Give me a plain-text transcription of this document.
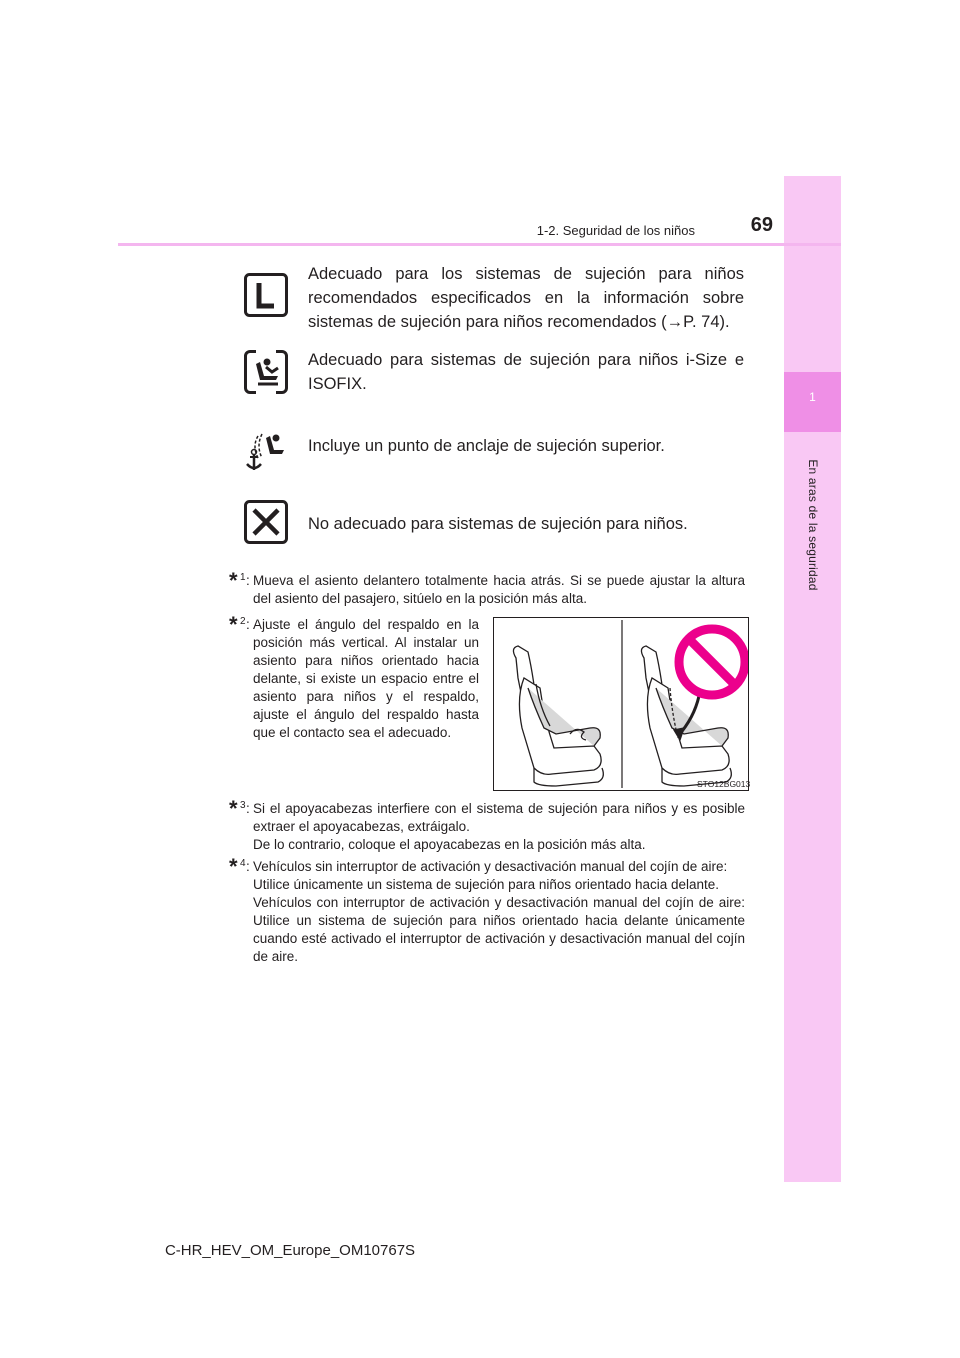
1
En aras de la seguridad
1-2. Seguridad de los niños	69
Adecuado para los sistemas de sujeción para niños recomendados especificados en la información sobre sistemas de sujeción para niños recomendados (→P. 74).
Adecuado para sistemas de sujeción para niños i-Size e ISOFIX.
Incluye un punto de anclaje de sujeción superior.
No adecuado para sistemas de sujeción para niños.
* 1 : Mueva el asiento delantero totalmente hacia atrás. Si se puede ajustar la altura del asiento del pasajero, sitúelo en la posición más alta.
* 2 : Ajuste el ángulo del respaldo en la posición más vertical. Al instalar un asiento para niños orientado hacia delante, si existe un espacio entre el asiento para niños y el respaldo, ajuste el ángulo del respaldo hasta que el contacto sea el adecuado.
STO12BG013
* 3 : Si el apoyacabezas interfiere con el sistema de sujeción para niños y es posible extraer el apoyacabezas, extráigalo.
De lo contrario, coloque el apoyacabezas en la posición más alta.
* 4 : Vehículos sin interruptor de activación y desactivación manual del cojín de aire: Utilice únicamente un sistema de sujeción para niños orientado hacia delante.
Vehículos con interruptor de activación y desactivación manual del cojín de aire: Utilice un sistema de sujeción para niños orientado hacia delante únicamente cuando esté activado el interruptor de activación y desactivación manual del cojín de aire.
C-HR_HEV_OM_Europe_OM10767S
